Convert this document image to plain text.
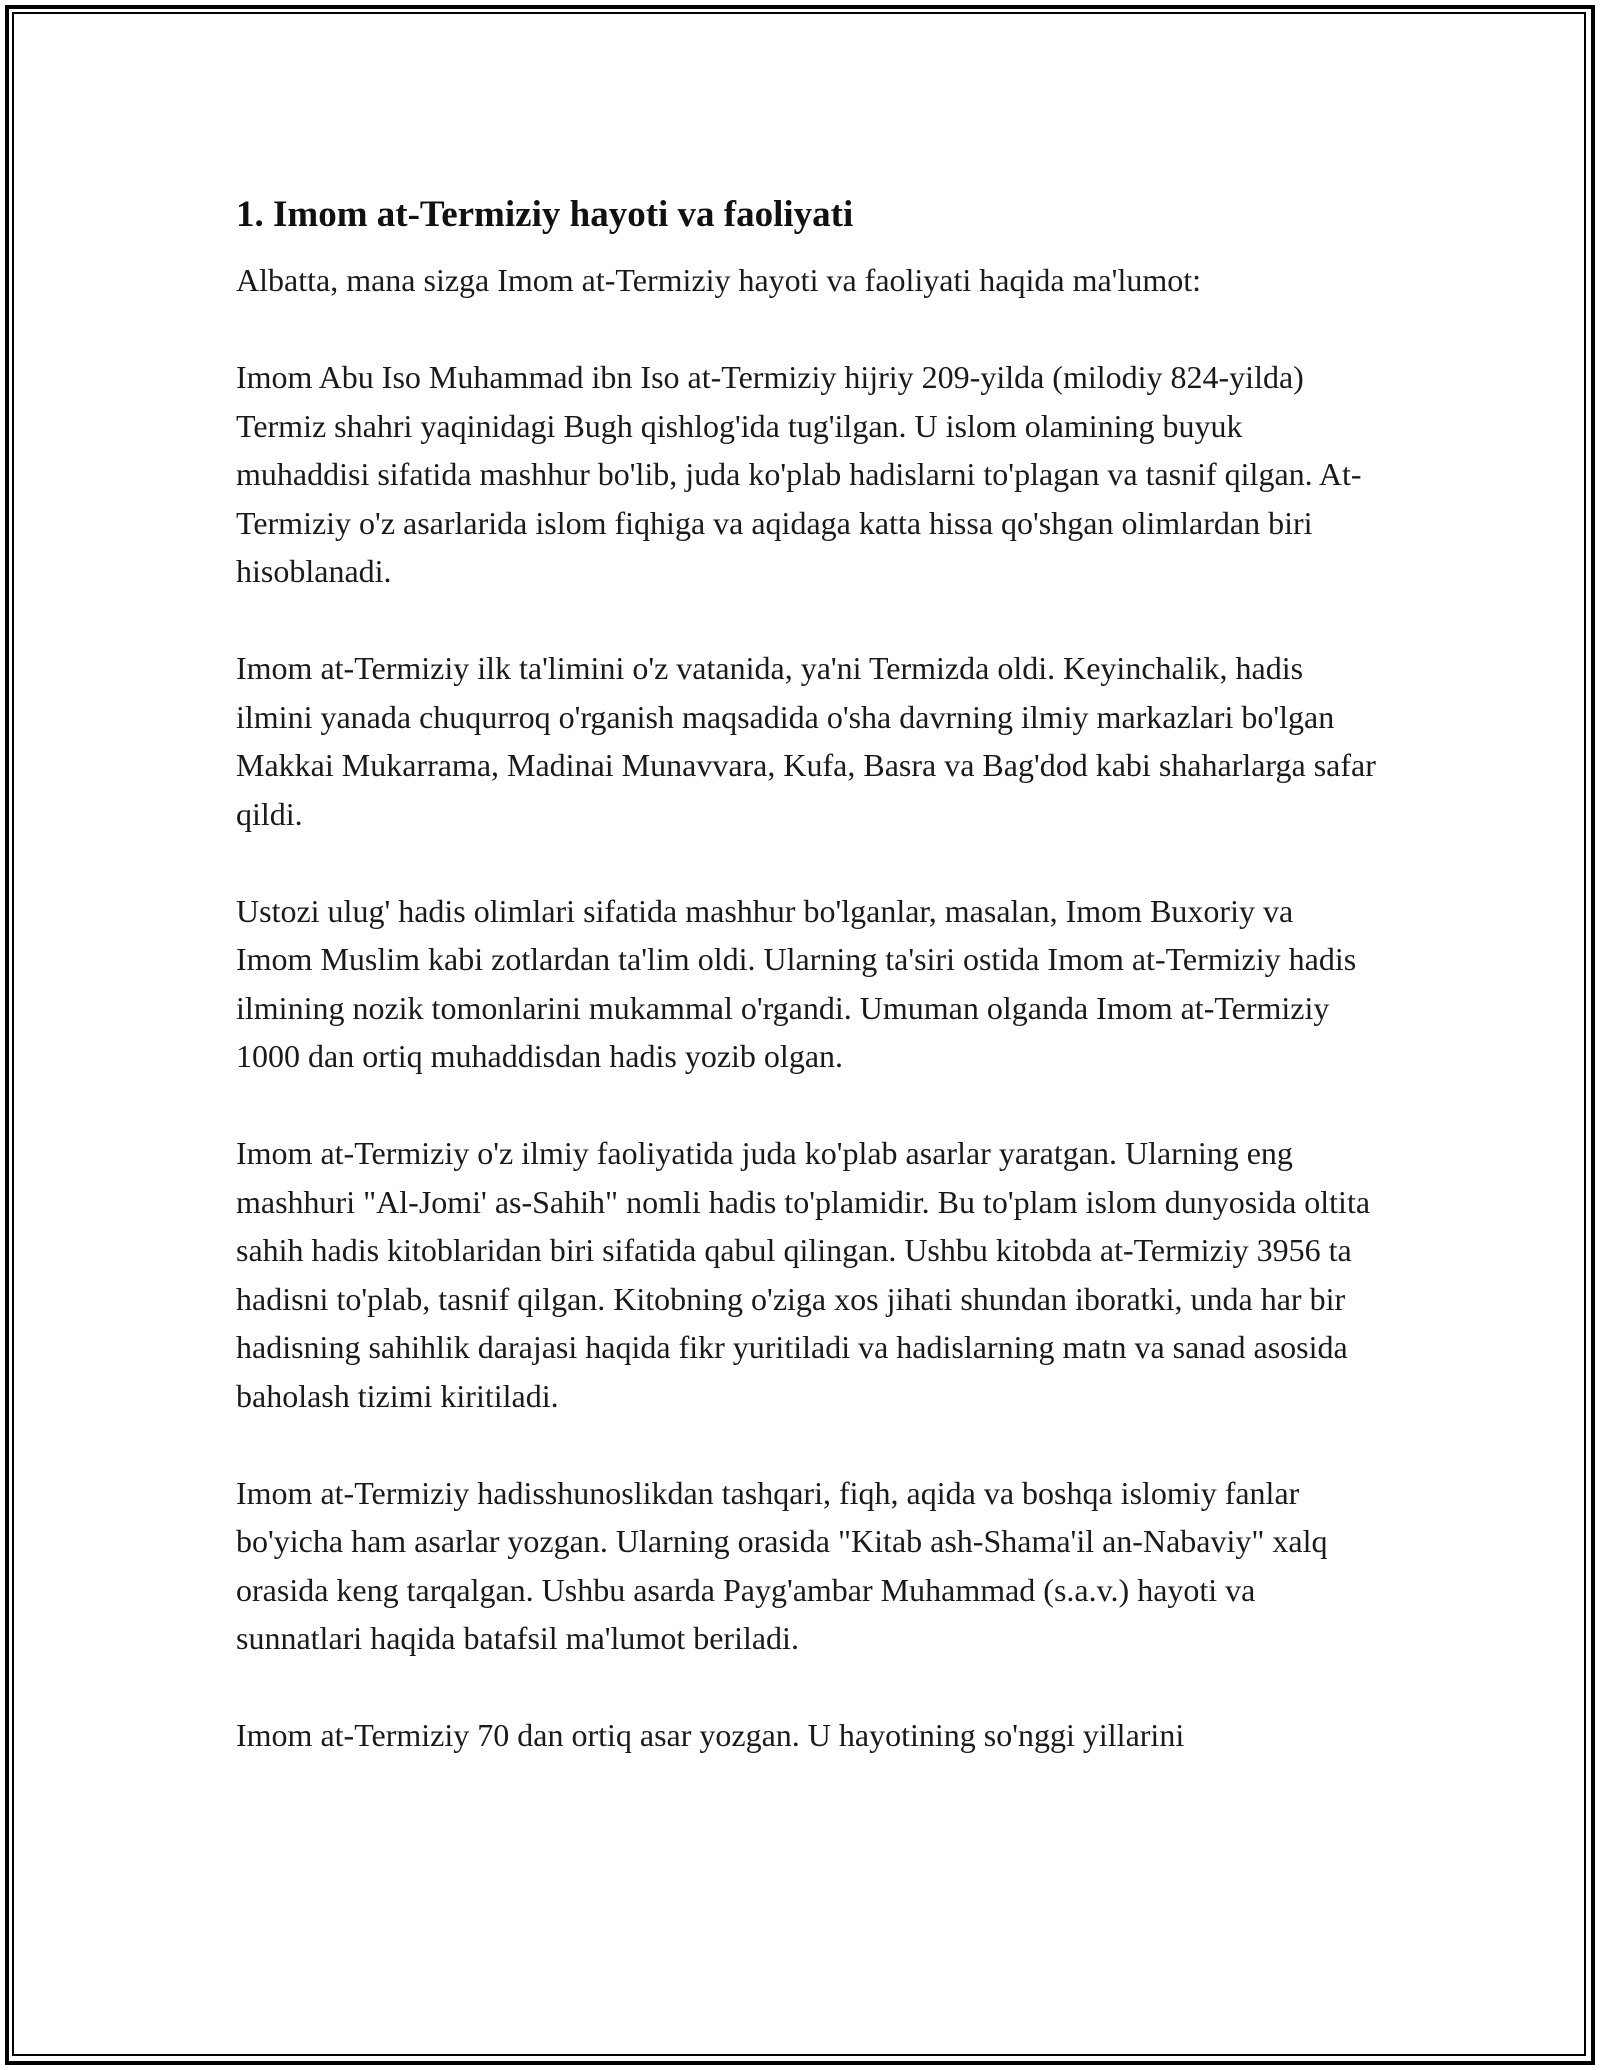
1. Imom at-Termiziy hayoti va faoliyati

Albatta, mana sizga Imom at-Termiziy hayoti va faoliyati haqida ma'lumot:

Imom Abu Iso Muhammad ibn Iso at-Termiziy hijriy 209-yilda (milodiy 824-yilda) Termiz shahri yaqinidagi Bugh qishlog'ida tug'ilgan. U islom olamining buyuk muhaddisi sifatida mashhur bo'lib, juda ko'plab hadislarni to'plagan va tasnif qilgan. At-Termiziy o'z asarlarida islom fiqhiga va aqidaga katta hissa qo'shgan olimlardan biri hisoblanadi.

Imom at-Termiziy ilk ta'limini o'z vatanida, ya'ni Termizda oldi. Keyinchalik, hadis ilmini yanada chuqurroq o'rganish maqsadida o'sha davrning ilmiy markazlari bo'lgan Makkai Mukarrama, Madinai Munavvara, Kufa, Basra va Bag'dod kabi shaharlarga safar qildi.

Ustozi ulug' hadis olimlari sifatida mashhur bo'lganlar, masalan, Imom Buxoriy va Imom Muslim kabi zotlardan ta'lim oldi. Ularning ta'siri ostida Imom at-Termiziy hadis ilmining nozik tomonlarini mukammal o'rgandi. Umuman olganda Imom at-Termiziy 1000 dan ortiq muhaddisdan hadis yozib olgan.

Imom at-Termiziy o'z ilmiy faoliyatida juda ko'plab asarlar yaratgan. Ularning eng mashhuri "Al-Jomi' as-Sahih" nomli hadis to'plamidir. Bu to'plam islom dunyosida oltita sahih hadis kitoblaridan biri sifatida qabul qilingan. Ushbu kitobda at-Termiziy 3956 ta hadisni to'plab, tasnif qilgan. Kitobning o'ziga xos jihati shundan iboratki, unda har bir hadisning sahihlik darajasi haqida fikr yuritiladi va hadislarning matn va sanad asosida baholash tizimi kiritiladi.

Imom at-Termiziy hadisshunoslikdan tashqari, fiqh, aqida va boshqa islomiy fanlar bo'yicha ham asarlar yozgan. Ularning orasida "Kitab ash-Shama'il an-Nabaviy" xalq orasida keng tarqalgan. Ushbu asarda Payg'ambar Muhammad (s.a.v.) hayoti va sunnatlari haqida batafsil ma'lumot beriladi.

Imom at-Termiziy 70 dan ortiq asar yozgan. U hayotining so'nggi yillarini
